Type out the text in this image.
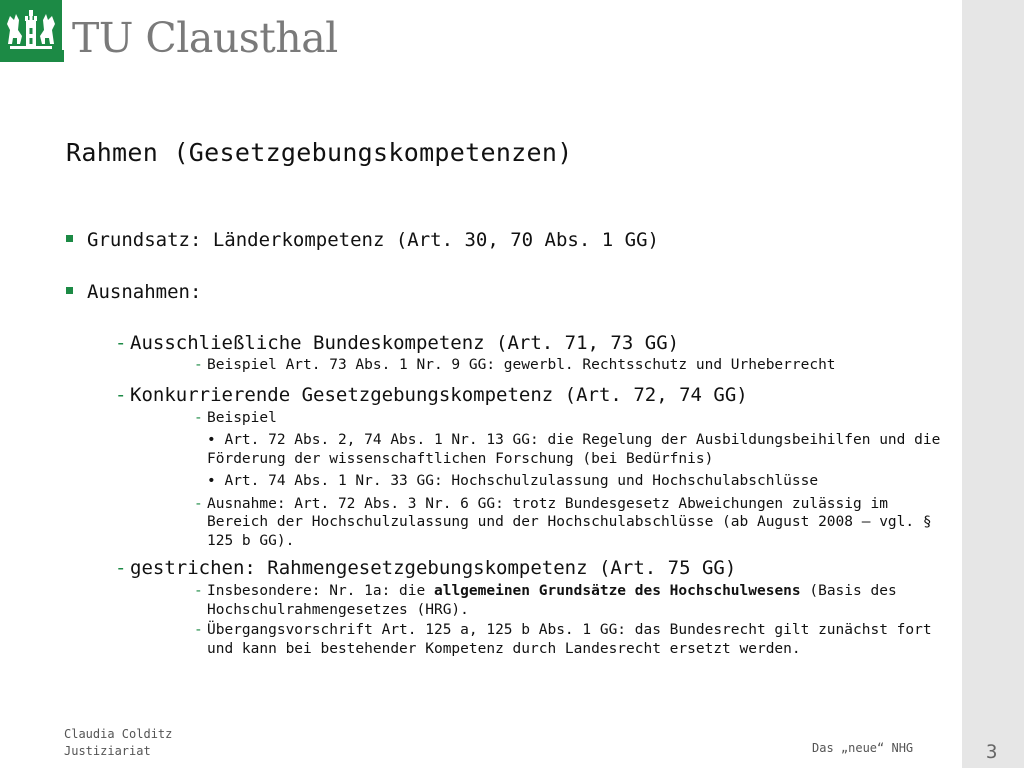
TU Clausthal
Rahmen (Gesetzgebungskompetenzen)
Grundsatz: Länderkompetenz (Art. 30, 70 Abs. 1 GG)
Ausnahmen:
- Ausschließliche Bundeskompetenz (Art. 71, 73 GG)
- Beispiel Art. 73 Abs. 1 Nr. 9 GG: gewerbl. Rechtsschutz und Urheberrecht
- Konkurrierende Gesetzgebungskompetenz (Art. 72, 74 GG)
- Beispiel
• Art. 72 Abs. 2, 74 Abs. 1 Nr. 13 GG: die Regelung der Ausbildungsbeihilfen und die Förderung der wissenschaftlichen Forschung (bei Bedürfnis)
• Art. 74 Abs. 1 Nr. 33 GG: Hochschulzulassung und Hochschulabschlüsse
- Ausnahme: Art. 72 Abs. 3 Nr. 6 GG: trotz Bundesgesetz Abweichungen zulässig im Bereich der Hochschulzulassung und der Hochschulabschlüsse (ab August 2008 – vgl. § 125 b GG).
- gestrichen: Rahmengesetzgebungskompetenz (Art. 75 GG)
- Insbesondere: Nr. 1a: die allgemeinen Grundsätze des Hochschulwesens (Basis des Hochschulrahmengesetzes (HRG).
- Übergangsvorschrift Art. 125 a, 125 b Abs. 1 GG: das Bundesrecht gilt zunächst fort und kann bei bestehender Kompetenz durch Landesrecht ersetzt werden.
Claudia Colditz
Justiziariat	Das „neue“ NHG	3
